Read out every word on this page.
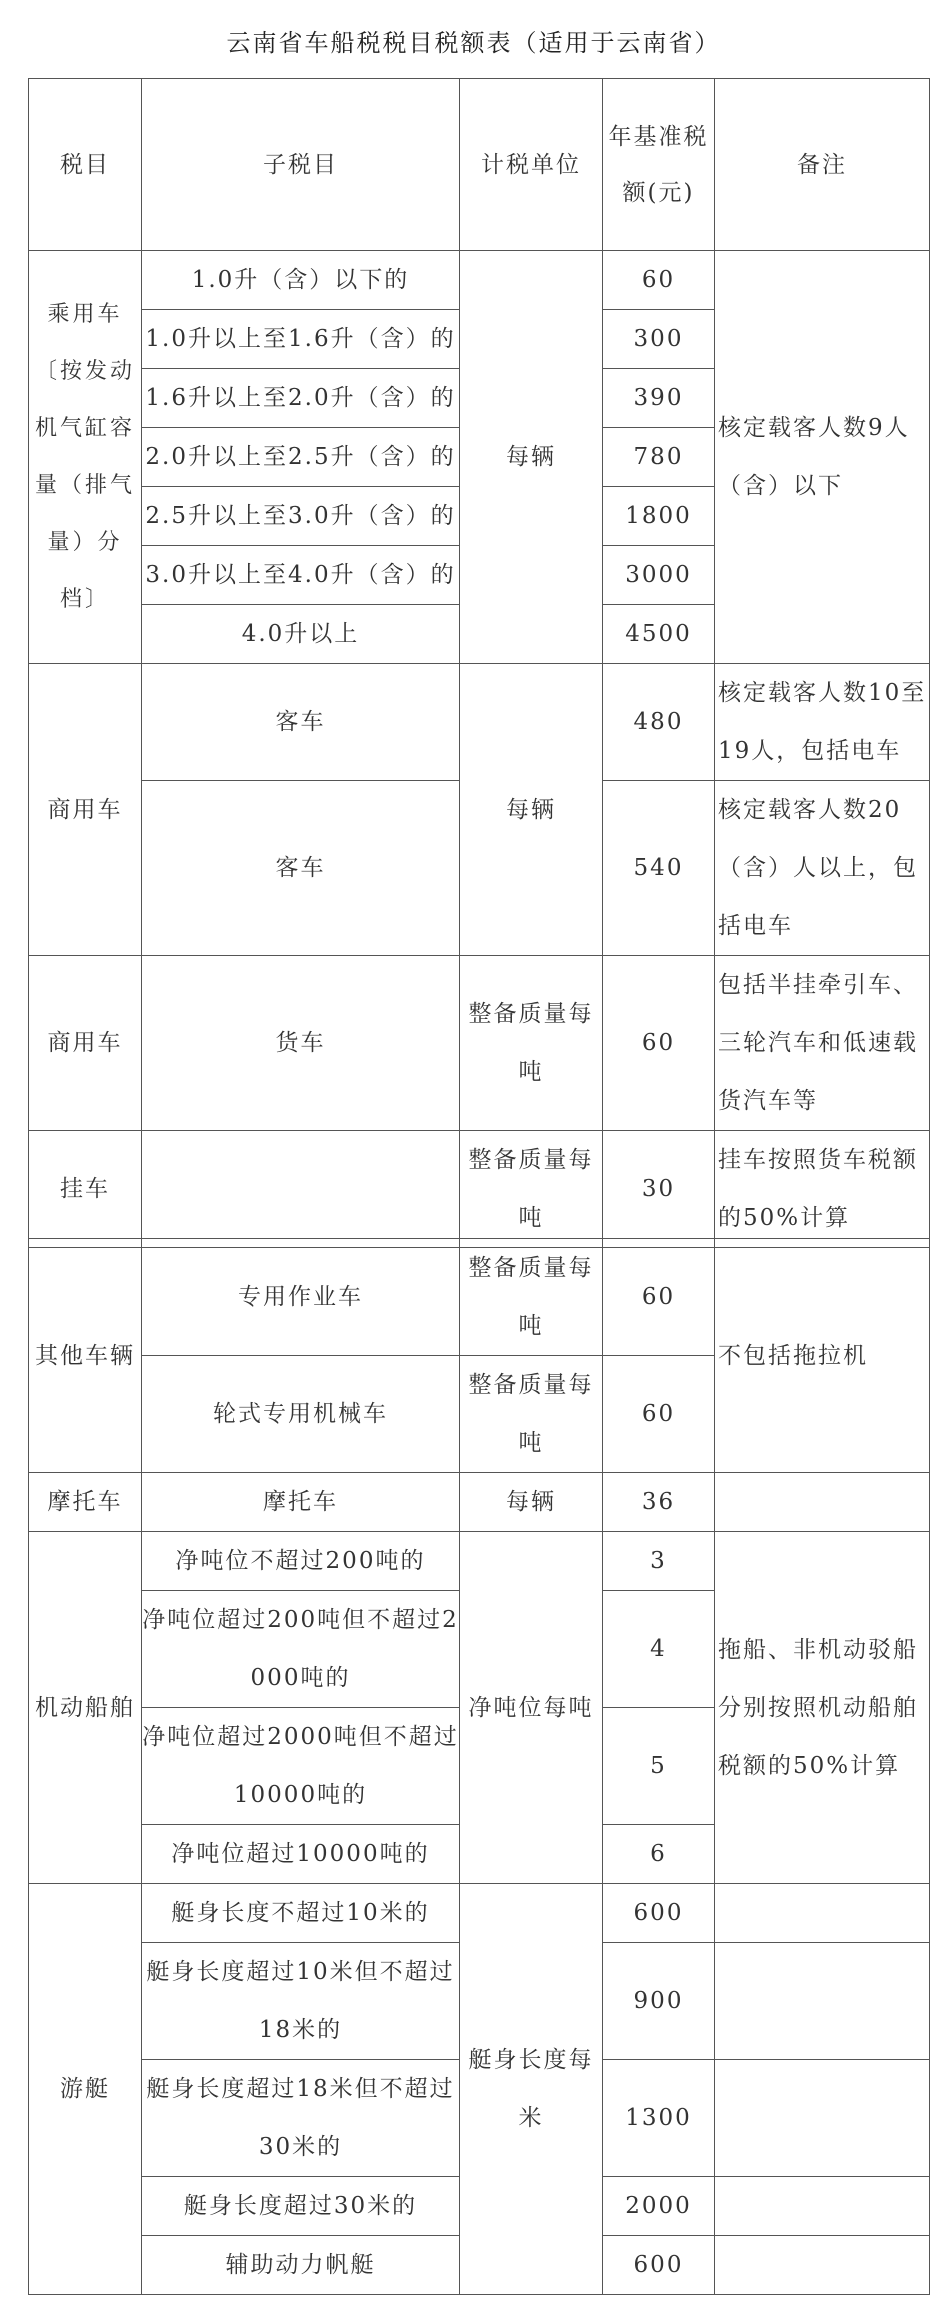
云南省车船税税目税额表（适用于云南省）
税目	子税目	计税单位	年基准税额(元)	备注
乘用车〔按发动机气缸容量（排气量）分档〕	1.0升（含）以下的	每辆	60	核定载客人数9人（含）以下
	1.0升以上至1.6升（含）的		300	
	1.6升以上至2.0升（含）的		390	
	2.0升以上至2.5升（含）的		780	
	2.5升以上至3.0升（含）的		1800	
	3.0升以上至4.0升（含）的		3000	
	4.0升以上		4500	
商用车	客车	每辆	480	核定载客人数10至19人，包括电车
	客车		540	核定载客人数20（含）人以上，包括电车
商用车	货车	整备质量每吨	60	包括半挂牵引车、三轮汽车和低速载货汽车等
挂车		整备质量每吨	30	挂车按照货车税额的50%计算
其他车辆	专用作业车	整备质量每吨	60	不包括拖拉机
	轮式专用机械车	整备质量每吨	60	
摩托车	摩托车	每辆	36	
机动船舶	净吨位不超过200吨的	净吨位每吨	3	拖船、非机动驳船分别按照机动船舶税额的50%计算
	净吨位超过200吨但不超过2000吨的		4	
	净吨位超过2000吨但不超过10000吨的		5	
	净吨位超过10000吨的		6	
游艇	艇身长度不超过10米的	艇身长度每米	600	
	艇身长度超过10米但不超过18米的		900	
	艇身长度超过18米但不超过30米的		1300	
	艇身长度超过30米的		2000	
	辅助动力帆艇		600	
